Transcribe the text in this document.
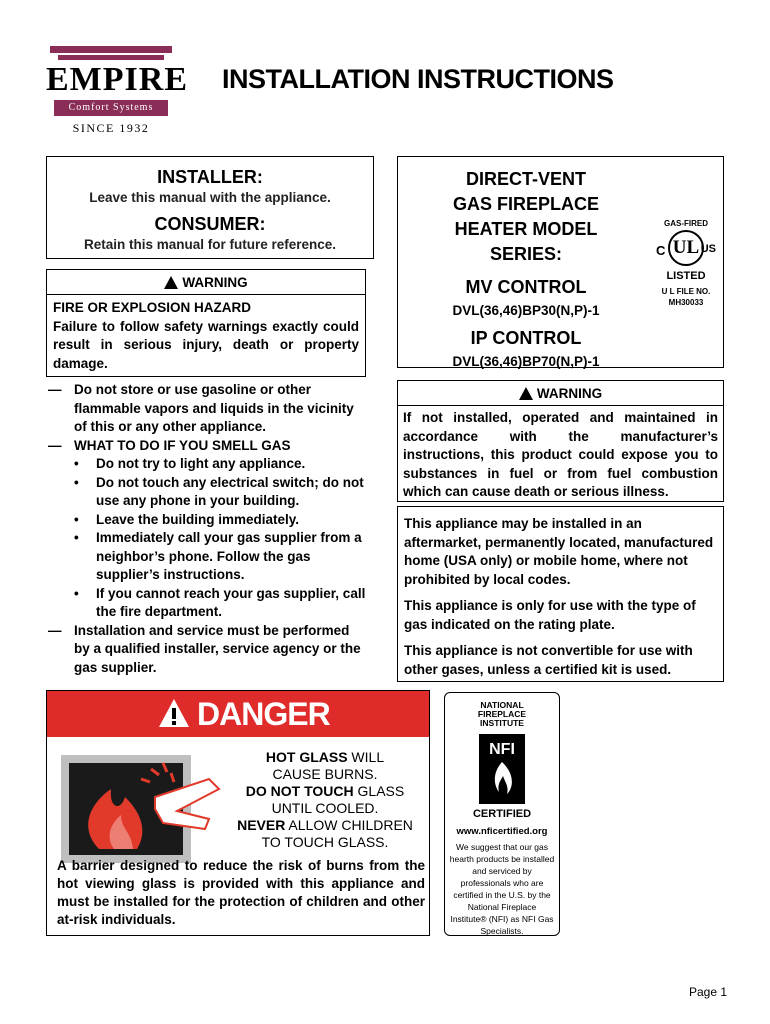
EMPIRE
Comfort Systems
SINCE 1932
INSTALLATION INSTRUCTIONS
INSTALLER:
Leave this manual with the appliance.
CONSUMER:
Retain this manual for future reference.
WARNING
FIRE OR EXPLOSION HAZARD
Failure to follow safety warnings exactly could result in serious injury, death or property damage.
— Do not store or use gasoline or other flammable vapors and liquids in the vicinity of this or any other appliance.
— WHAT TO DO IF YOU SMELL GAS
•	Do not try to light any appliance.
•	Do not touch any electrical switch; do not use any phone in your building.
•	Leave the building immediately.
•	Immediately call your gas supplier from a neighbor’s phone. Follow the gas supplier’s instructions.
•	If you cannot reach your gas supplier, call the fire department.
— Installation and service must be performed by a qualified installer, service agency or the gas supplier.
DIRECT-VENT
GAS FIREPLACE
HEATER MODEL
SERIES:
MV CONTROL
DVL(36,46)BP30(N,P)-1
IP CONTROL
DVL(36,46)BP70(N,P)-1
GAS-FIRED
UL
C	US
LISTED
U L FILE NO.
MH30033
WARNING
If not installed, operated and maintained in accordance with the manufacturer’s instructions, this product could expose you to substances in fuel or from fuel combustion which can cause death or serious illness.

This appliance may be installed in an aftermarket, permanently located, manufactured home (USA only) or mobile home, where not prohibited by local codes.

This appliance is only for use with the type of gas indicated on the rating plate.

This appliance is not convertible for use with other gases, unless a certified kit is used.

DANGER
HOT GLASS WILL
CAUSE BURNS.
DO NOT TOUCH GLASS
UNTIL COOLED.
NEVER ALLOW CHILDREN
TO TOUCH GLASS.
A barrier designed to reduce the risk of burns from the hot viewing glass is provided with this appliance and must be installed for the protection of children and other at-risk individuals.
NATIONAL
FIREPLACE
INSTITUTE
NFI
CERTIFIED
www.nficertified.org
We suggest that our gas hearth products be installed and serviced by professionals who are certified in the U.S. by the National Fireplace Institute® (NFI) as NFI Gas Specialists.
Page 1
